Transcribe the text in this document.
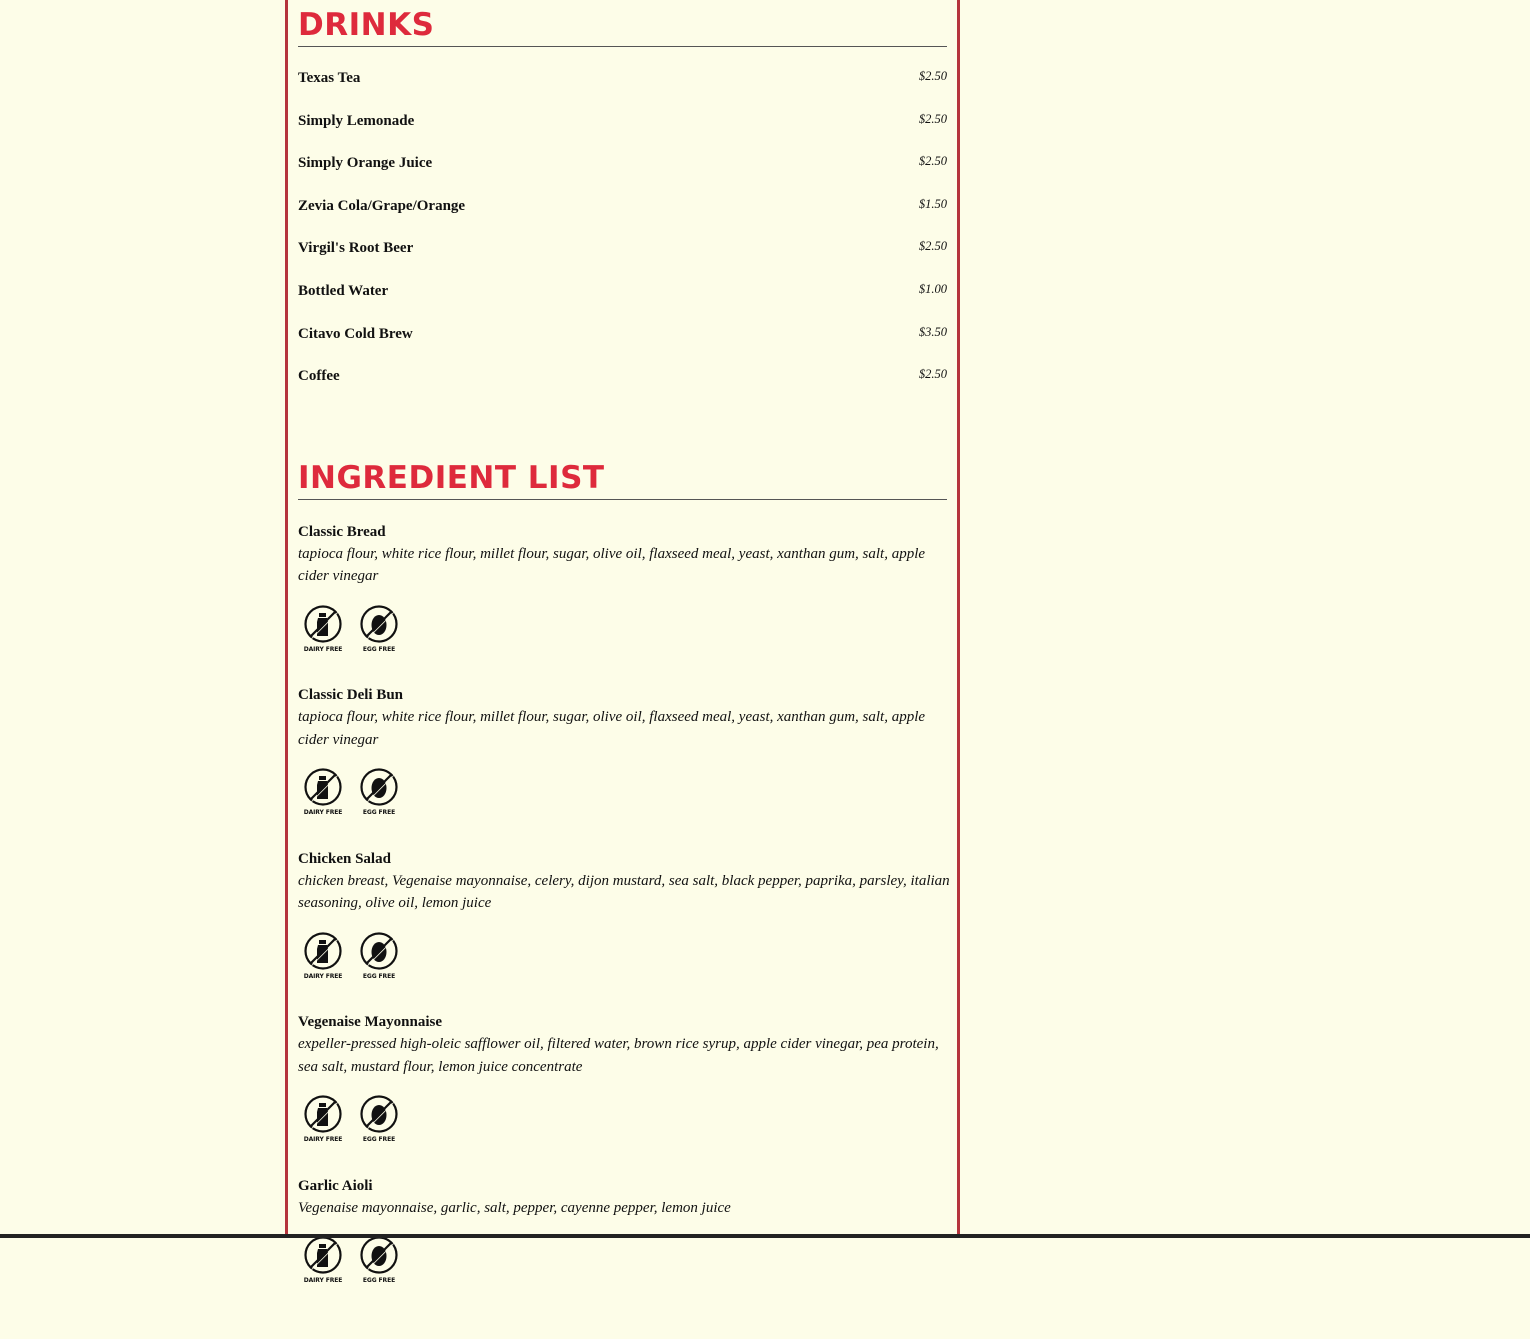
DRINKS
Texas Tea	$2.50
Simply Lemonade	$2.50
Simply Orange Juice	$2.50
Zevia Cola/Grape/Orange	$1.50
Virgil's Root Beer	$2.50
Bottled Water	$1.00
Citavo Cold Brew	$3.50
Coffee	$2.50
INGREDIENT LIST
Classic Bread
tapioca flour, white rice flour, millet flour, sugar, olive oil, flaxseed meal, yeast, xanthan gum, salt, apple cider vinegar
DAIRY FREE	EGG FREE
Classic Deli Bun
tapioca flour, white rice flour, millet flour, sugar, olive oil, flaxseed meal, yeast, xanthan gum, salt, apple cider vinegar
DAIRY FREE	EGG FREE
Chicken Salad
chicken breast, Vegenaise mayonnaise, celery, dijon mustard, sea salt, black pepper, paprika, parsley, italian seasoning, olive oil, lemon juice
DAIRY FREE	EGG FREE
Vegenaise Mayonnaise
expeller-pressed high-oleic safflower oil, filtered water, brown rice syrup, apple cider vinegar, pea protein, sea salt, mustard flour, lemon juice concentrate
DAIRY FREE	EGG FREE
Garlic Aioli
Vegenaise mayonnaise, garlic, salt, pepper, cayenne pepper, lemon juice
DAIRY FREE	EGG FREE
